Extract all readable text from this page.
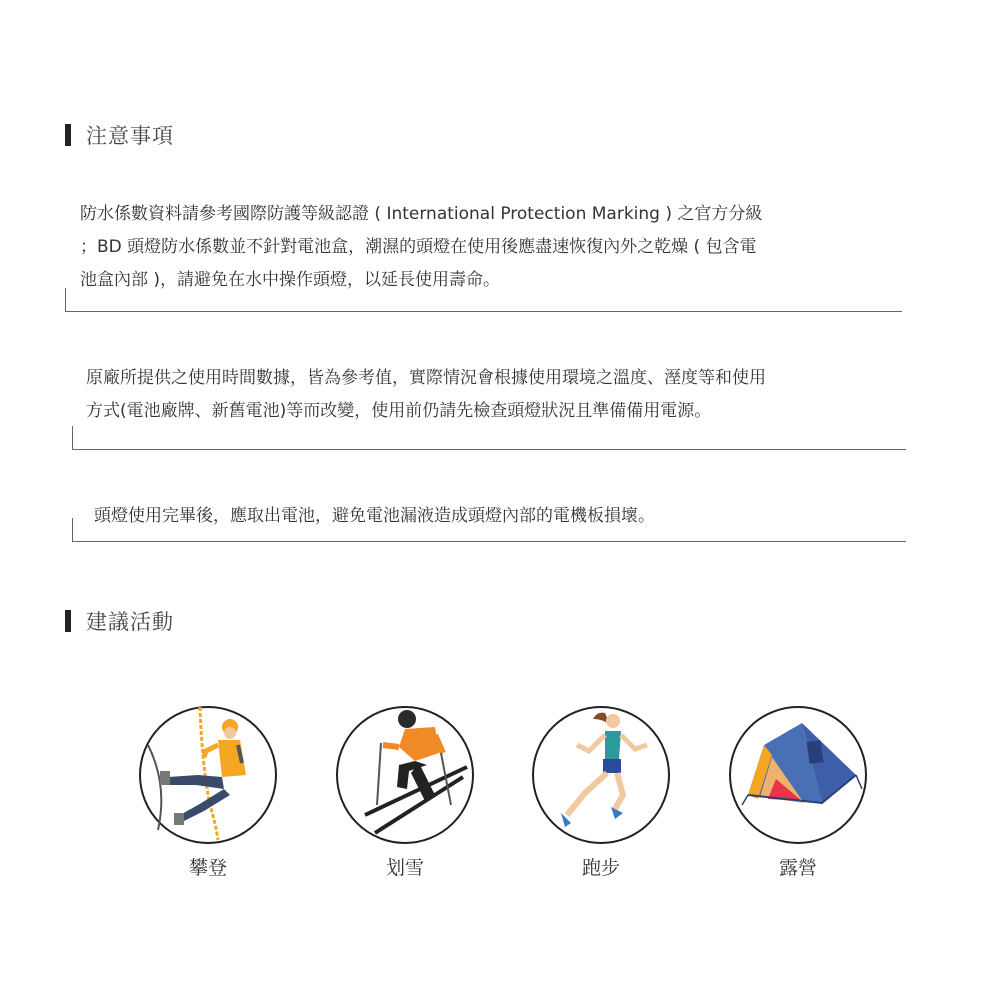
注意事項
防水係數資料請參考國際防護等級認證 ( International Protection Marking ) 之官方分級
；BD 頭燈防水係數並不針對電池盒，潮濕的頭燈在使用後應盡速恢復內外之乾燥 ( 包含電
池盒內部 )，請避免在水中操作頭燈，以延長使用壽命。
原廠所提供之使用時間數據，皆為參考值，實際情況會根據使用環境之溫度、溼度等和使用
方式(電池廠牌、新舊電池)等而改變，使用前仍請先檢查頭燈狀況且準備備用電源。
頭燈使用完畢後，應取出電池，避免電池漏液造成頭燈內部的電機板損壞。
建議活動
攀登	划雪	跑步	露營
